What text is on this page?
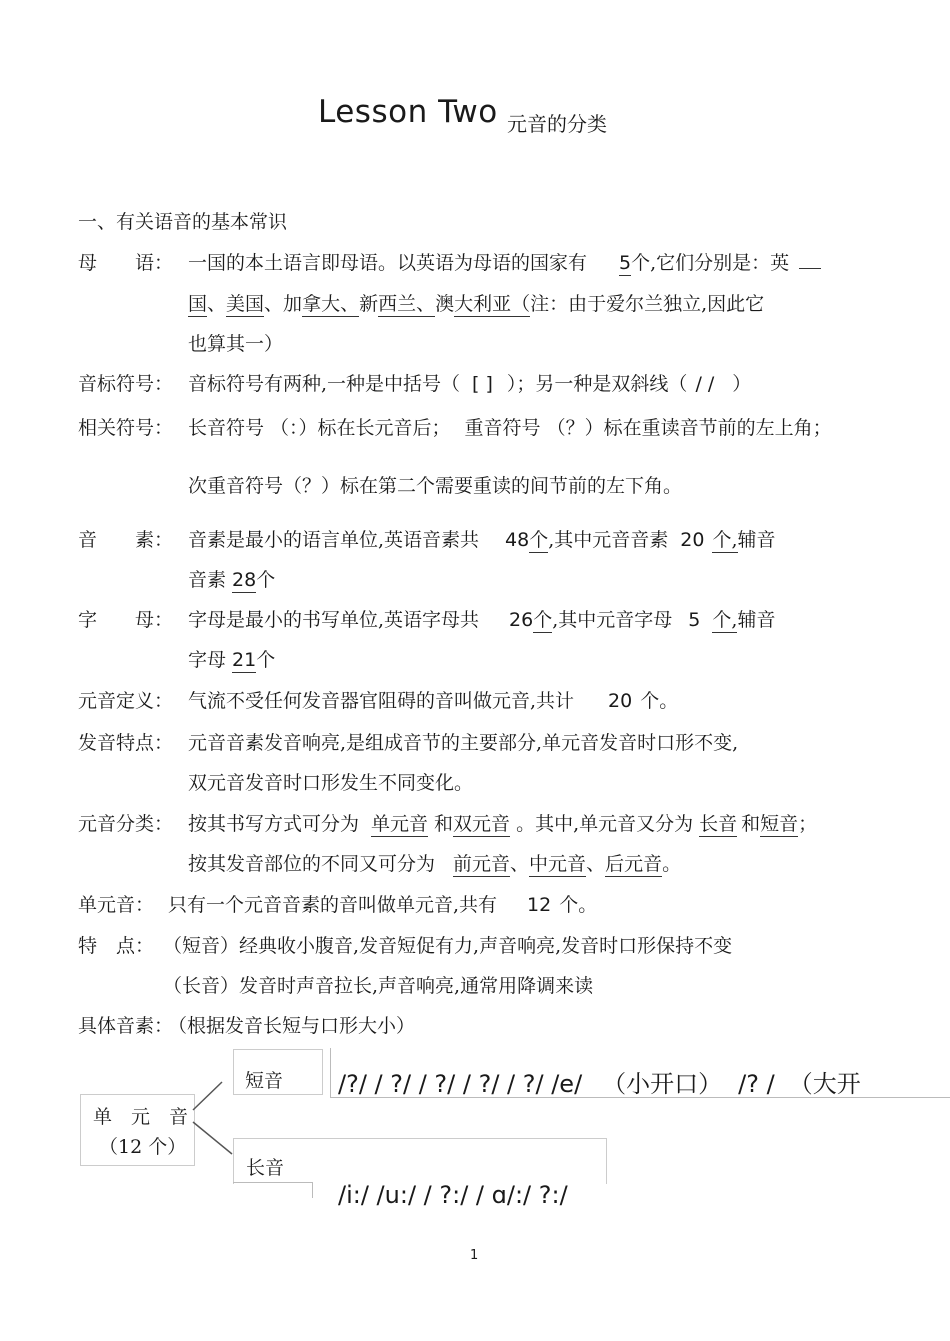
Lesson Two 元音的分类
一、有关语音的基本常识
母　　语： 一国的本土语言即母语。以英语为母语的国家有 5个,它们分别是：英
国、美国、加拿大、新西兰、澳大利亚（注：由于爱尔兰独立,因此它
也算其一）
音标符号： 音标符号有两种,一种是中括号（ [ ] ）；另一种是双斜线（ / / ）
相关符号： 长音符号 （：）标在长元音后； 重音符号 （？）标在重读音节前的左上角；
次重音符号（？）标在第二个需要重读的间节前的左下角。
音　　素： 音素是最小的语言单位,英语音素共 48个,其中元音音素 20 个,辅音
音素 28个
字　　母： 字母是最小的书写单位,英语字母共 26个,其中元音字母 5 个,辅音
字母 21个
元音定义： 气流不受任何发音器官阻碍的音叫做元音,共计 20 个。
发音特点： 元音音素发音响亮,是组成音节的主要部分,单元音发音时口形不变,
双元音发音时口形发生不同变化。
元音分类： 按其书写方式可分为 单元音 和双元音 。其中,单元音又分为 长音 和短音；
按其发音部位的不同又可分为 前元音、中元音、后元音。
单元音： 只有一个元音音素的音叫做单元音,共有 12 个。
特　点： （短音）经典收小腹音,发音短促有力,声音响亮,发音时口形保持不变
（长音）发音时声音拉长,声音响亮,通常用降调来读
具体音素：
（根据发音长短与口形大小）
单　元　音
（12 个）
短音 /?/ / ?/ / ?/ / ?/ / ?/ /e/ （小开口） /? / （大开
长音
/i:/ /u:/ / ?:/ / ɑ/:/ ?:/
1
